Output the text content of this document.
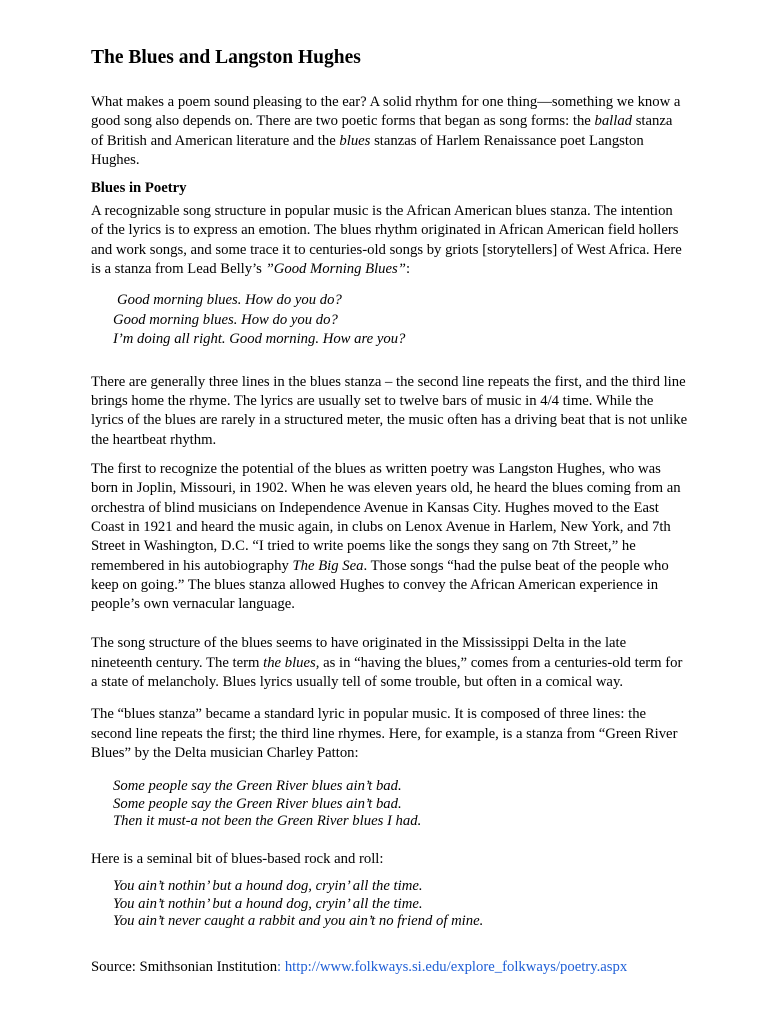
The Blues and Langston Hughes

What makes a poem sound pleasing to the ear? A solid rhythm for one thing—something we know a good song also depends on. There are two poetic forms that began as song forms: the ballad stanza of British and American literature and the blues stanzas of Harlem Renaissance poet Langston Hughes.

Blues in Poetry

A recognizable song structure in popular music is the African American blues stanza. The intention of the lyrics is to express an emotion. The blues rhythm originated in African American field hollers and work songs, and some trace it to centuries-old songs by griots [storytellers] of West Africa. Here is a stanza from Lead Belly’s ”Good Morning Blues”:

Good morning blues. How do you do?
Good morning blues. How do you do?
I’m doing all right. Good morning. How are you?

There are generally three lines in the blues stanza – the second line repeats the first, and the third line brings home the rhyme. The lyrics are usually set to twelve bars of music in 4/4 time. While the lyrics of the blues are rarely in a structured meter, the music often has a driving beat that is not unlike the heartbeat rhythm.

The first to recognize the potential of the blues as written poetry was Langston Hughes, who was born in Joplin, Missouri, in 1902. When he was eleven years old, he heard the blues coming from an orchestra of blind musicians on Independence Avenue in Kansas City. Hughes moved to the East Coast in 1921 and heard the music again, in clubs on Lenox Avenue in Harlem, New York, and 7th Street in Washington, D.C. “I tried to write poems like the songs they sang on 7th Street,” he remembered in his autobiography The Big Sea. Those songs “had the pulse beat of the people who keep on going.” The blues stanza allowed Hughes to convey the African American experience in people’s own vernacular language.

The song structure of the blues seems to have originated in the Mississippi Delta in the late nineteenth century. The term the blues, as in “having the blues,” comes from a centuries-old term for a state of melancholy. Blues lyrics usually tell of some trouble, but often in a comical way.

The “blues stanza” became a standard lyric in popular music. It is composed of three lines: the second line repeats the first; the third line rhymes. Here, for example, is a stanza from “Green River Blues” by the Delta musician Charley Patton:

Some people say the Green River blues ain’t bad.
Some people say the Green River blues ain’t bad.
Then it must-a not been the Green River blues I had.

Here is a seminal bit of blues-based rock and roll:

You ain’t nothin’ but a hound dog, cryin’ all the time.
You ain’t nothin’ but a hound dog, cryin’ all the time.
You ain’t never caught a rabbit and you ain’t no friend of mine.

Source: Smithsonian Institution: http://www.folkways.si.edu/explore_folkways/poetry.aspx
